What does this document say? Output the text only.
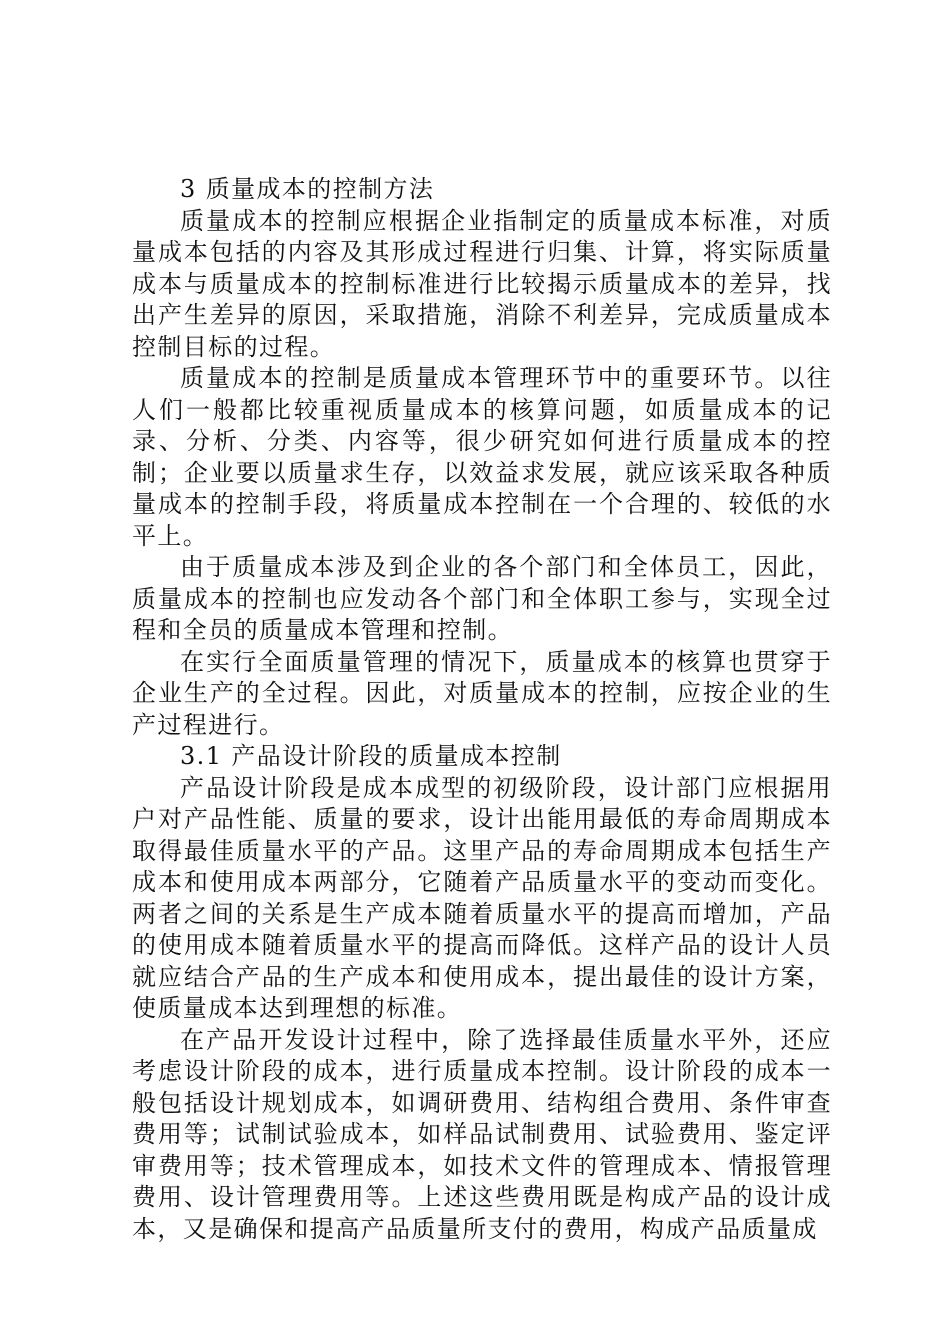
3 质量成本的控制方法

质量成本的控制应根据企业指制定的质量成本标准，对质量成本包括的内容及其形成过程进行归集、计算，将实际质量成本与质量成本的控制标准进行比较揭示质量成本的差异，找出产生差异的原因，采取措施，消除不利差异，完成质量成本控制目标的过程。

质量成本的控制是质量成本管理环节中的重要环节。以往人们一般都比较重视质量成本的核算问题，如质量成本的记录、分析、分类、内容等，很少研究如何进行质量成本的控制；企业要以质量求生存，以效益求发展，就应该采取各种质量成本的控制手段，将质量成本控制在一个合理的、较低的水平上。

由于质量成本涉及到企业的各个部门和全体员工，因此，质量成本的控制也应发动各个部门和全体职工参与，实现全过程和全员的质量成本管理和控制。

在实行全面质量管理的情况下，质量成本的核算也贯穿于企业生产的全过程。因此，对质量成本的控制，应按企业的生产过程进行。

3.1 产品设计阶段的质量成本控制

产品设计阶段是成本成型的初级阶段，设计部门应根据用户对产品性能、质量的要求，设计出能用最低的寿命周期成本取得最佳质量水平的产品。这里产品的寿命周期成本包括生产成本和使用成本两部分，它随着产品质量水平的变动而变化。两者之间的关系是生产成本随着质量水平的提高而增加，产品的使用成本随着质量水平的提高而降低。这样产品的设计人员就应结合产品的生产成本和使用成本，提出最佳的设计方案，使质量成本达到理想的标准。

在产品开发设计过程中，除了选择最佳质量水平外，还应考虑设计阶段的成本，进行质量成本控制。设计阶段的成本一般包括设计规划成本，如调研费用、结构组合费用、条件审查费用等；试制试验成本，如样品试制费用、试验费用、鉴定评审费用等；技术管理成本，如技术文件的管理成本、情报管理费用、设计管理费用等。上述这些费用既是构成产品的设计成本，又是确保和提高产品质量所支付的费用，构成产品质量成
